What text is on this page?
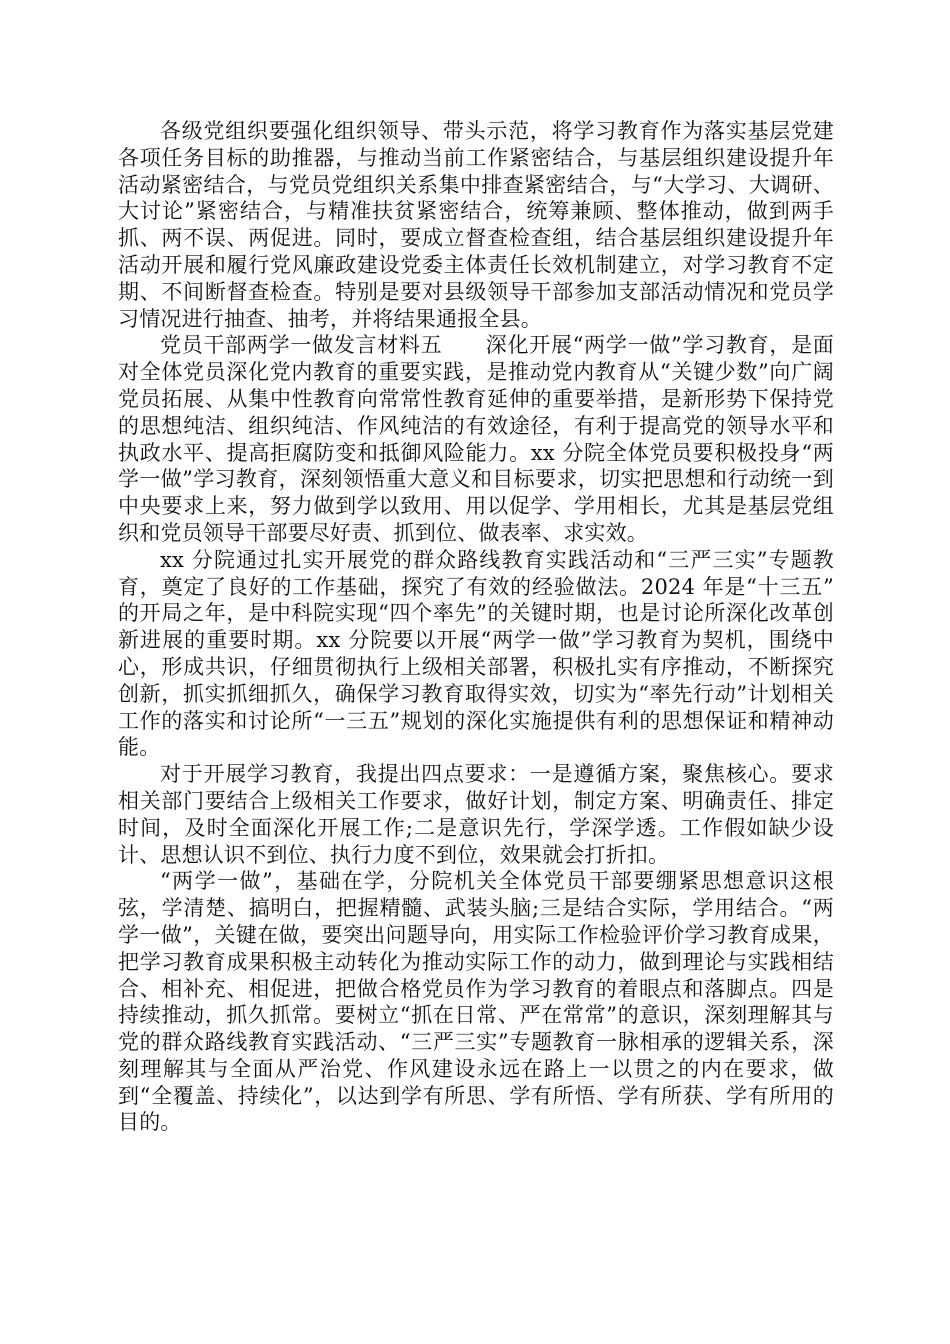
各级党组织要强化组织领导、带头示范，将学习教育作为落实基层党建各项任务目标的助推器，与推动当前工作紧密结合，与基层组织建设提升年活动紧密结合，与党员党组织关系集中排查紧密结合，与“大学习、大调研、大讨论”紧密结合，与精准扶贫紧密结合，统筹兼顾、整体推动，做到两手抓、两不误、两促进。同时，要成立督查检查组，结合基层组织建设提升年活动开展和履行党风廉政建设党委主体责任长效机制建立，对学习教育不定期、不间断督查检查。特别是要对县级领导干部参加支部活动情况和党员学习情况进行抽查、抽考，并将结果通报全县。

党员干部两学一做发言材料五　　深化开展“两学一做”学习教育，是面对全体党员深化党内教育的重要实践，是推动党内教育从“关键少数”向广阔党员拓展、从集中性教育向常常性教育延伸的重要举措，是新形势下保持党的思想纯洁、组织纯洁、作风纯洁的有效途径，有利于提高党的领导水平和执政水平、提高拒腐防变和抵御风险能力。xx 分院全体党员要积极投身“两学一做”学习教育，深刻领悟重大意义和目标要求，切实把思想和行动统一到中央要求上来，努力做到学以致用、用以促学、学用相长，尤其是基层党组织和党员领导干部要尽好责、抓到位、做表率、求实效。

xx 分院通过扎实开展党的群众路线教育实践活动和“三严三实”专题教育，奠定了良好的工作基础，探究了有效的经验做法。2024 年是“十三五” 的开局之年，是中科院实现“四个率先”的关键时期，也是讨论所深化改革创新进展的重要时期。xx 分院要以开展“两学一做”学习教育为契机，围绕中心，形成共识，仔细贯彻执行上级相关部署，积极扎实有序推动，不断探究创新，抓实抓细抓久，确保学习教育取得实效，切实为“率先行动”计划相关工作的落实和讨论所“一三五”规划的深化实施提供有利的思想保证和精神动能。

对于开展学习教育，我提出四点要求：一是遵循方案，聚焦核心。要求相关部门要结合上级相关工作要求，做好计划，制定方案、明确责任、排定时间，及时全面深化开展工作;二是意识先行，学深学透。工作假如缺少设计、思想认识不到位、执行力度不到位，效果就会打折扣。

“两学一做”，基础在学，分院机关全体党员干部要绷紧思想意识这根弦，学清楚、搞明白，把握精髓、武装头脑;三是结合实际，学用结合。“两学一做”，关键在做，要突出问题导向，用实际工作检验评价学习教育成果，把学习教育成果积极主动转化为推动实际工作的动力，做到理论与实践相结合、相补充、相促进，把做合格党员作为学习教育的着眼点和落脚点。四是持续推动，抓久抓常。要树立“抓在日常、严在常常”的意识，深刻理解其与党的群众路线教育实践活动、“三严三实”专题教育一脉相承的逻辑关系，深刻理解其与全面从严治党、作风建设永远在路上一以贯之的内在要求，做到“全覆盖、持续化”，以达到学有所思、学有所悟、学有所获、学有所用的目的。
